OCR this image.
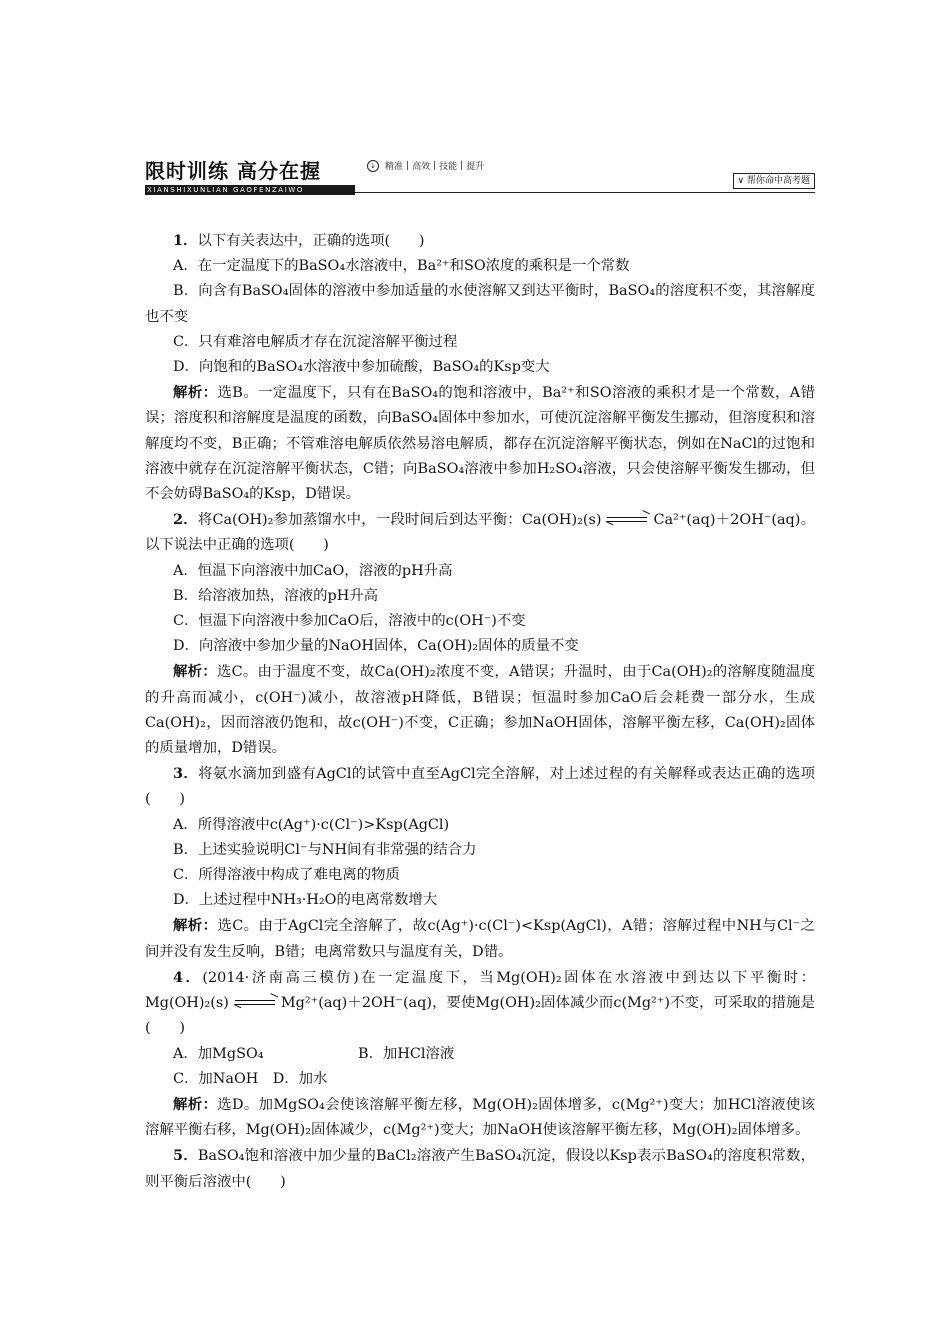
限时训练 高分在握
XIANSHIXUNLIAN GAOFENZAIWO
↓	精准 | 高效 | 技能 | 提升
∨ 帮你命中高考题

1．以下有关表达中，正确的选项(　　)

A．在一定温度下的BaSO₄水溶液中，Ba²⁺和SO浓度的乘积是一个常数

B．向含有BaSO₄固体的溶液中参加适量的水使溶解又到达平衡时，BaSO₄的溶度积不变，其溶解度也不变

C．只有难溶电解质才存在沉淀溶解平衡过程

D．向饱和的BaSO₄水溶液中参加硫酸，BaSO₄的Ksp变大

解析：选B。一定温度下，只有在BaSO₄的饱和溶液中，Ba²⁺和SO溶液的乘积才是一个常数，A错误；溶度积和溶解度是温度的函数，向BaSO₄固体中参加水，可使沉淀溶解平衡发生挪动，但溶度积和溶解度均不变，B正确；不管难溶电解质依然易溶电解质，都存在沉淀溶解平衡状态，例如在NaCl的过饱和溶液中就存在沉淀溶解平衡状态，C错；向BaSO₄溶液中参加H₂SO₄溶液，只会使溶解平衡发生挪动，但不会妨碍BaSO₄的Ksp，D错误。

2．将Ca(OH)₂参加蒸馏水中，一段时间后到达平衡：Ca(OH)₂(s)	Ca²⁺(aq)＋2OH⁻(aq)。以下说法中正确的选项(　　)

A．恒温下向溶液中加CaO，溶液的pH升高

B．给溶液加热，溶液的pH升高

C．恒温下向溶液中参加CaO后，溶液中的c(OH⁻)不变

D．向溶液中参加少量的NaOH固体，Ca(OH)₂固体的质量不变

解析：选C。由于温度不变，故Ca(OH)₂浓度不变，A错误；升温时，由于Ca(OH)₂的溶解度随温度的升高而减小，c(OH⁻)减小，故溶液pH降低，B错误；恒温时参加CaO后会耗费一部分水，生成Ca(OH)₂，因而溶液仍饱和，故c(OH⁻)不变，C正确；参加NaOH固体，溶解平衡左移，Ca(OH)₂固体的质量增加，D错误。

3．将氨水滴加到盛有AgCl的试管中直至AgCl完全溶解，对上述过程的有关解释或表达正确的选项(　　)

A．所得溶液中c(Ag⁺)·c(Cl⁻)>Ksp(AgCl)

B．上述实验说明Cl⁻与NH间有非常强的结合力

C．所得溶液中构成了难电离的物质

D．上述过程中NH₃·H₂O的电离常数增大

解析：选C。由于AgCl完全溶解了，故c(Ag⁺)·c(Cl⁻)<Ksp(AgCl)，A错；溶解过程中NH与Cl⁻之间并没有发生反响，B错；电离常数只与温度有关，D错。

4．(2014·济南高三模仿)在一定温度下，当Mg(OH)₂固体在水溶液中到达以下平衡时：Mg(OH)₂(s)	Mg²⁺(aq)＋2OH⁻(aq)，要使Mg(OH)₂固体减少而c(Mg²⁺)不变，可采取的措施是(　　)

A．加MgSO₄	B．加HCl溶液

C．加NaOH　 D．加水

解析：选D。加MgSO₄会使该溶解平衡左移，Mg(OH)₂固体增多，c(Mg²⁺)变大；加HCl溶液使该溶解平衡右移，Mg(OH)₂固体减少，c(Mg²⁺)变大；加NaOH使该溶解平衡左移，Mg(OH)₂固体增多。

5．BaSO₄饱和溶液中加少量的BaCl₂溶液产生BaSO₄沉淀，假设以Ksp表示BaSO₄的溶度积常数，则平衡后溶液中(　　)
